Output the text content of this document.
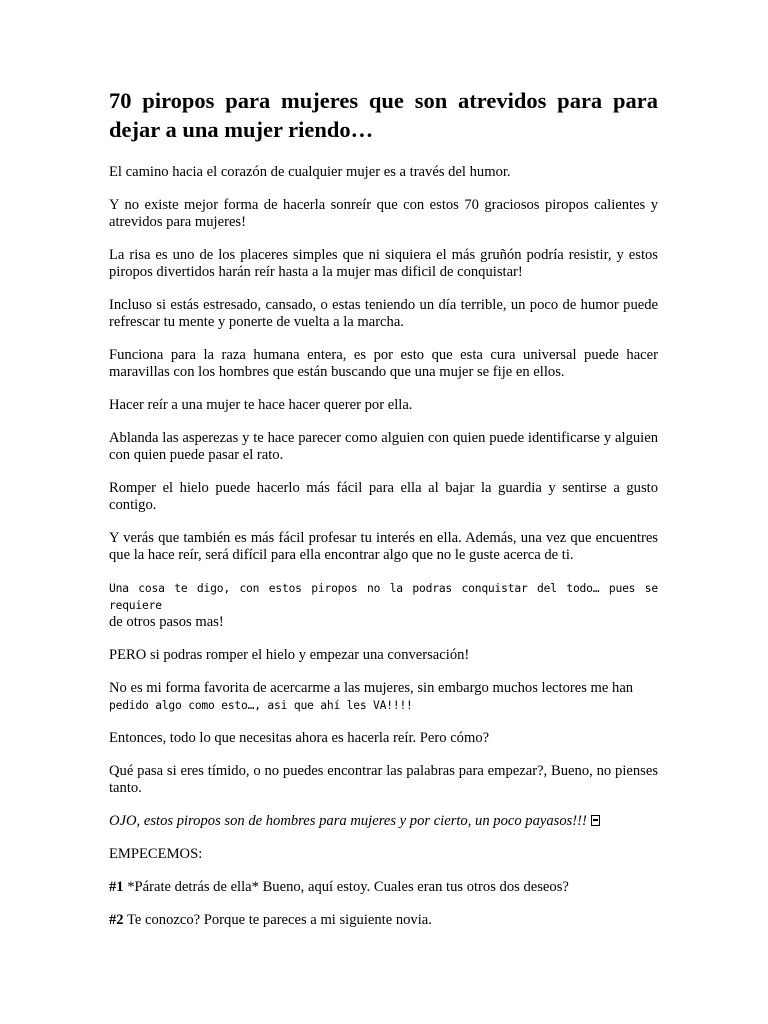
70 piropos para mujeres que son atrevidos para para dejar a una mujer riendo…

El camino hacia el corazón de cualquier mujer es a través del humor.

Y no existe mejor forma de hacerla sonreír que con estos 70 graciosos piropos calientes y atrevidos para mujeres!

La risa es uno de los placeres simples que ni siquiera el más gruñón podría resistir, y estos piropos divertidos harán reír hasta a la mujer mas dificil de conquistar!

Incluso si estás estresado, cansado, o estas teniendo un día terrible, un poco de humor puede refrescar tu mente y ponerte de vuelta a la marcha.

Funciona para la raza humana entera, es por esto que esta cura universal puede hacer maravillas con los hombres que están buscando que una mujer se fije en ellos.

Hacer reír a una mujer te hace hacer querer por ella.

Ablanda las asperezas y te hace parecer como alguien con quien puede identificarse y alguien con quien puede pasar el rato.

Romper el hielo puede hacerlo más fácil para ella al bajar la guardia y sentirse a gusto contigo.

Y verás que también es más fácil profesar tu interés en ella. Además, una vez que encuentres que la hace reír, será difícil para ella encontrar algo que no le guste acerca de ti.

Una cosa te digo, con estos piropos no la podras conquistar del todo… pues se requiere
de otros pasos mas!

PERO si podras romper el hielo y empezar una conversación!

No es mi forma favorita de acercarme a las mujeres, sin embargo muchos lectores me han
pedido algo como esto…, asi que ahí les VA!!!!

Entonces, todo lo que necesitas ahora es hacerla reír. Pero cómo?

Qué pasa si eres tímido, o no puedes encontrar las palabras para empezar?, Bueno, no pienses tanto.

OJO, estos piropos son de hombres para mujeres y por cierto, un poco payasos!!!

EMPECEMOS:

#1 *Párate detrás de ella* Bueno, aquí estoy. Cuales eran tus otros dos deseos?

#2 Te conozco? Porque te pareces a mi siguiente novia.
